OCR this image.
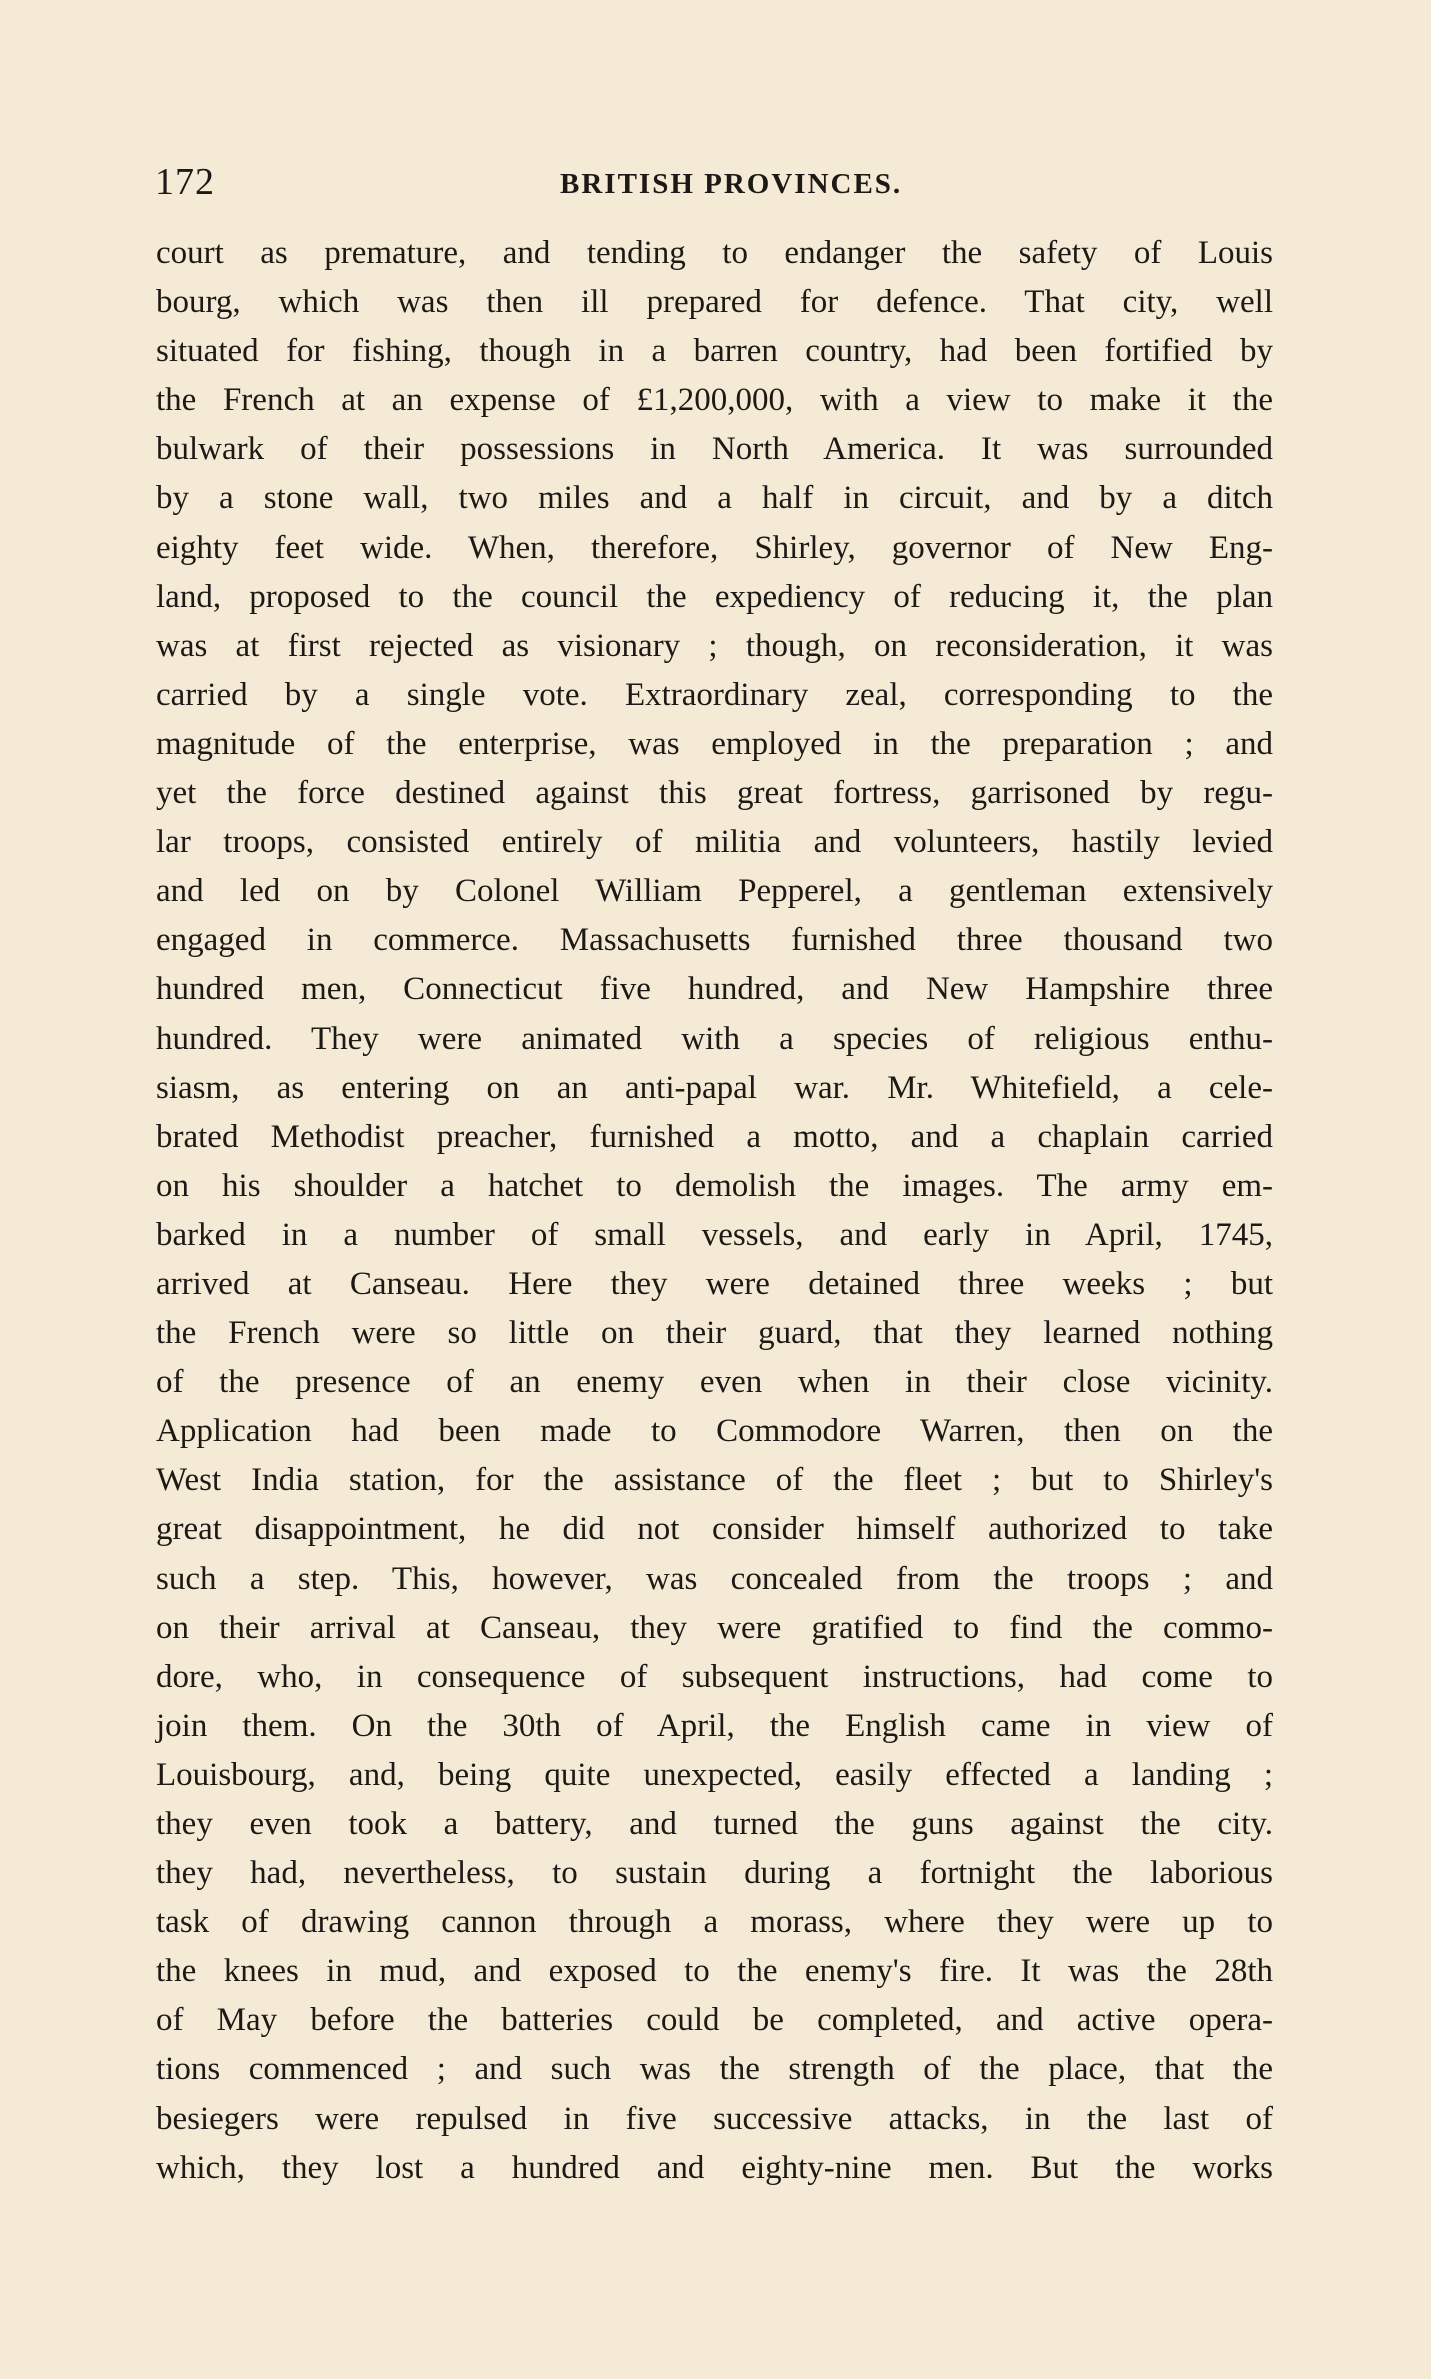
172	BRITISH PROVINCES.
court as premature, and tending to endanger the safety of Louis
bourg, which was then ill prepared for defence. That city, well
situated for fishing, though in a barren country, had been fortified by
the French at an expense of £1,200,000, with a view to make it the
bulwark of their possessions in North America. It was surrounded
by a stone wall, two miles and a half in circuit, and by a ditch
eighty feet wide. When, therefore, Shirley, governor of New Eng-
land, proposed to the council the expediency of reducing it, the plan
was at first rejected as visionary ; though, on reconsideration, it was
carried by a single vote. Extraordinary zeal, corresponding to the
magnitude of the enterprise, was employed in the preparation ; and
yet the force destined against this great fortress, garrisoned by regu-
lar troops, consisted entirely of militia and volunteers, hastily levied
and led on by Colonel William Pepperel, a gentleman extensively
engaged in commerce. Massachusetts furnished three thousand two
hundred men, Connecticut five hundred, and New Hampshire three
hundred. They were animated with a species of religious enthu-
siasm, as entering on an anti-papal war. Mr. Whitefield, a cele-
brated Methodist preacher, furnished a motto, and a chaplain carried
on his shoulder a hatchet to demolish the images. The army em-
barked in a number of small vessels, and early in April, 1745,
arrived at Canseau. Here they were detained three weeks ; but
the French were so little on their guard, that they learned nothing
of the presence of an enemy even when in their close vicinity.
Application had been made to Commodore Warren, then on the
West India station, for the assistance of the fleet ; but to Shirley's
great disappointment, he did not consider himself authorized to take
such a step. This, however, was concealed from the troops ; and
on their arrival at Canseau, they were gratified to find the commo-
dore, who, in consequence of subsequent instructions, had come to
join them. On the 30th of April, the English came in view of
Louisbourg, and, being quite unexpected, easily effected a landing ;
they even took a battery, and turned the guns against the city.
they had, nevertheless, to sustain during a fortnight the laborious
task of drawing cannon through a morass, where they were up to
the knees in mud, and exposed to the enemy's fire. It was the 28th
of May before the batteries could be completed, and active opera-
tions commenced ; and such was the strength of the place, that the
besiegers were repulsed in five successive attacks, in the last of
which, they lost a hundred and eighty-nine men. But the works
